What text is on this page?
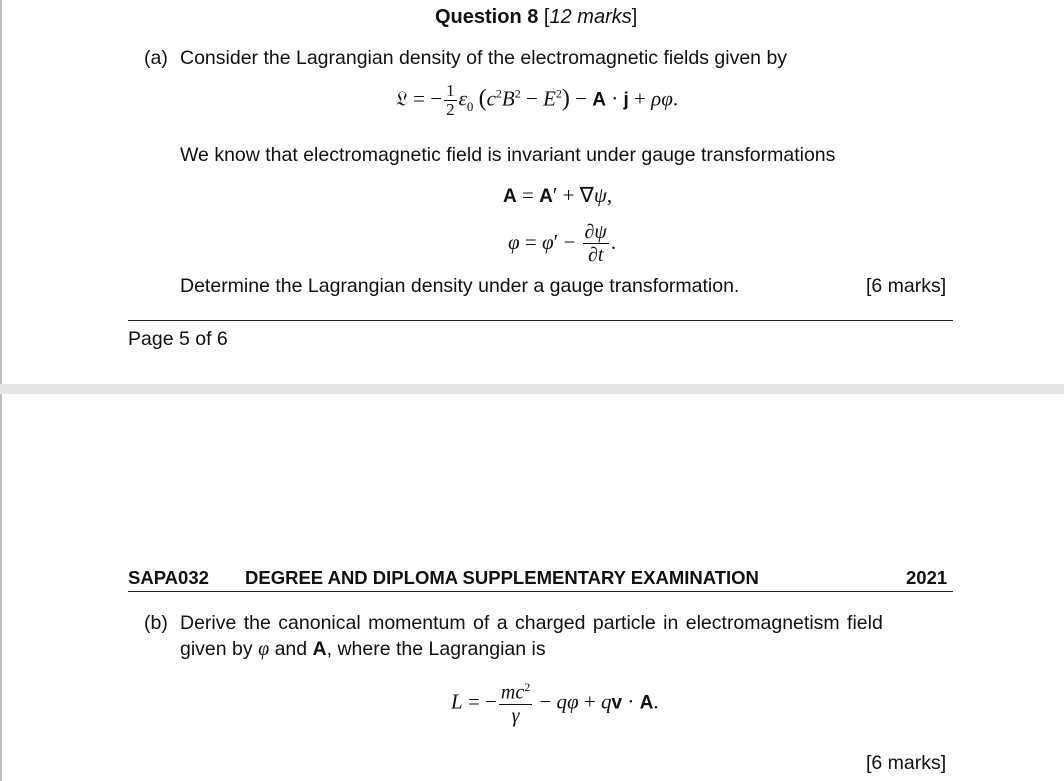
Question 8 [12 marks]
(a) Consider the Lagrangian density of the electromagnetic fields given by
𝔏 = − $\frac{1}{2} \varepsilon_0$ $(c^2B^2 - E^2) - A \cdot j + \rho\varphi$.
We know that electromagnetic field is invariant under gauge transformations
A = A′ + ∇ψ,
$\varphi = \varphi' - \frac{\partial\psi}{\partial t}$ .
Determine the Lagrangian density under a gauge transformation.	[6 marks]
Page 5 of 6
SAPA032 DEGREE AND DIPLOMA SUPPLEMENTARY EXAMINATION	2021
(b) Derive the canonical momentum of a charged particle in electromagnetism field
given by φ and A, where the Lagrangian is
L = − $\frac{mc^2}{\gamma} - q\varphi$ + qv · A.
[6 marks]
